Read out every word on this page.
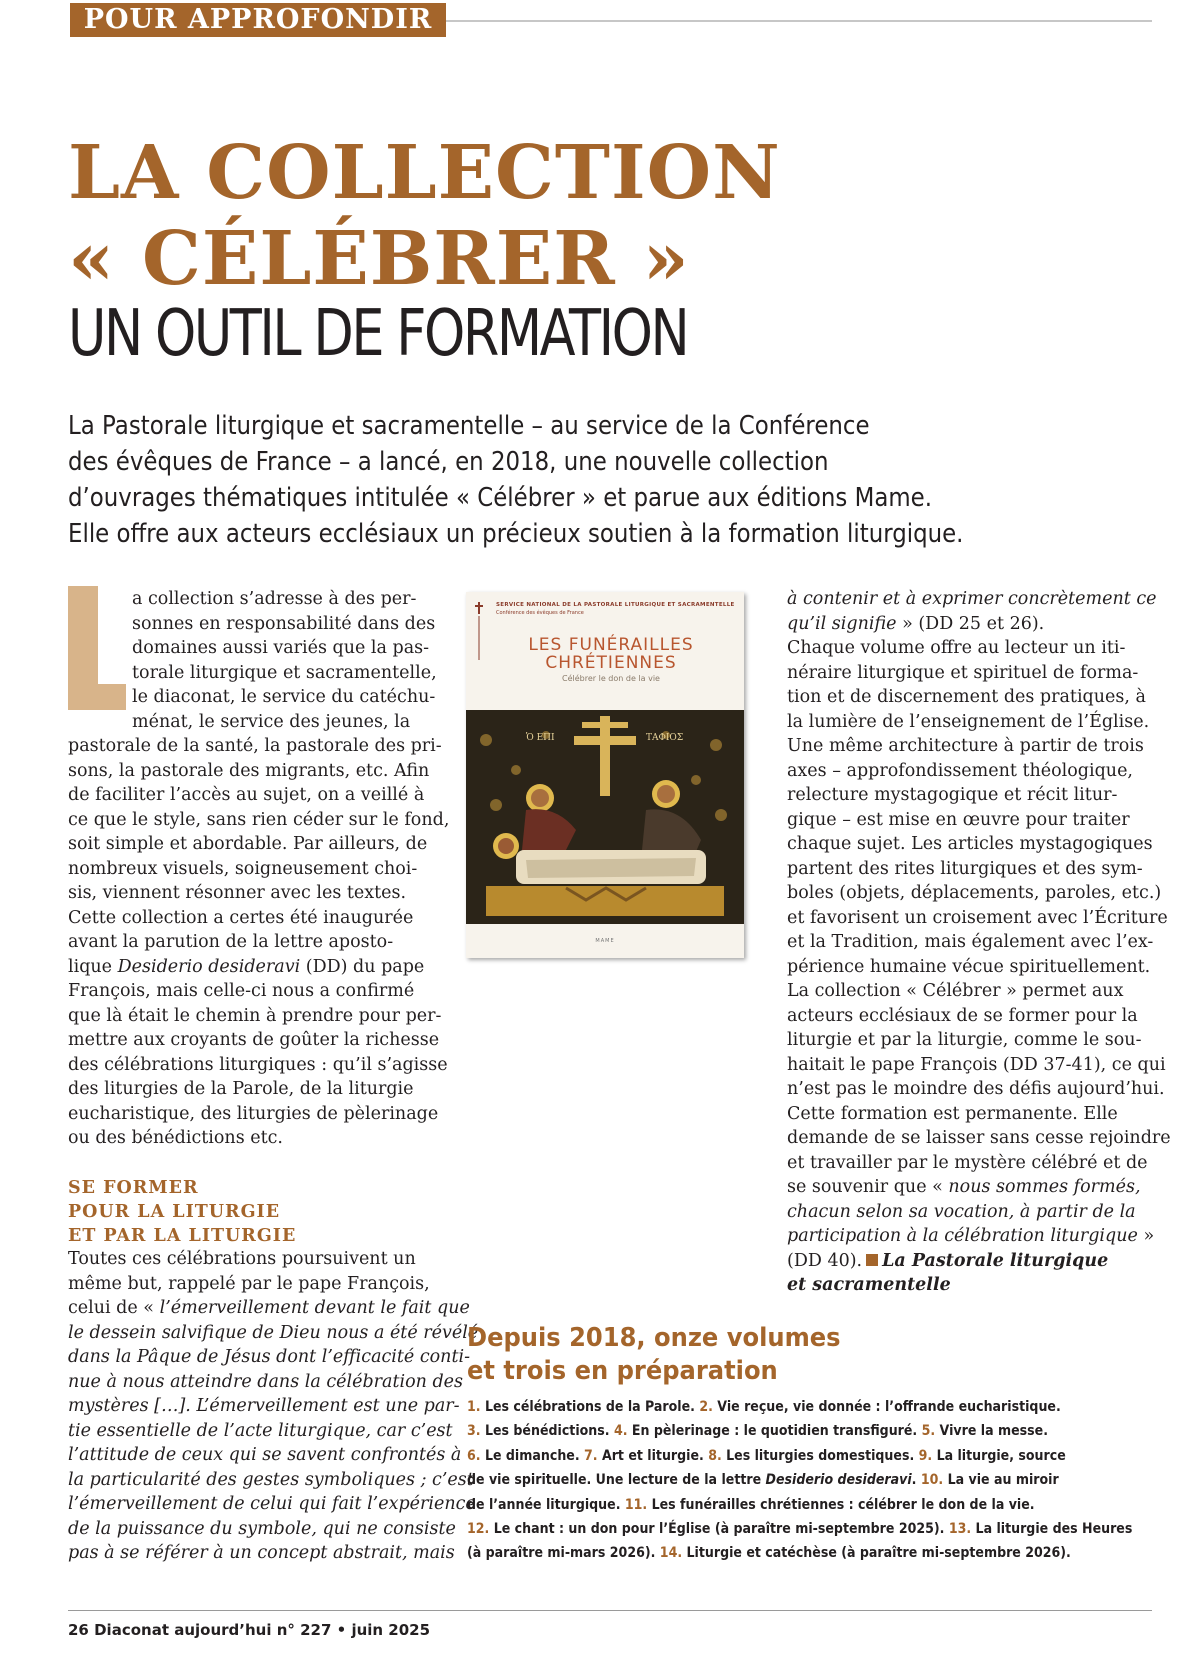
POUR APPROFONDIR
LA COLLECTION
« CÉLÉBRER »
UN OUTIL DE FORMATION
La Pastorale liturgique et sacramentelle – au service de la Conférence
des évêques de France – a lancé, en 2018, une nouvelle collection
d’ouvrages thématiques intitulée « Célébrer » et parue aux éditions Mame.
Elle offre aux acteurs ecclésiaux un précieux soutien à la formation liturgique.
a collection s’adresse à des per-
sonnes en responsabilité dans des
domaines aussi variés que la pas-
torale liturgique et sacramentelle,
le diaconat, le service du catéchu-
ménat, le service des jeunes, la
pastorale de la santé, la pastorale des pri-
sons, la pastorale des migrants, etc. Afin
de faciliter l’accès au sujet, on a veillé à
ce que le style, sans rien céder sur le fond,
soit simple et abordable. Par ailleurs, de
nombreux visuels, soigneusement choi-
sis, viennent résonner avec les textes.
Cette collection a certes été inaugurée
avant la parution de la lettre aposto-
lique Desiderio desideravi (DD) du pape
François, mais celle-ci nous a confirmé
que là était le chemin à prendre pour per-
mettre aux croyants de goûter la richesse
des célébrations liturgiques : qu’il s’agisse
des liturgies de la Parole, de la liturgie
eucharistique, des liturgies de pèlerinage
ou des bénédictions etc.
SE FORMER
POUR LA LITURGIE
ET PAR LA LITURGIE
Toutes ces célébrations poursuivent un
même but, rappelé par le pape François,
celui de « l’émerveillement devant le fait que
le dessein salvifique de Dieu nous a été révélé
dans la Pâque de Jésus dont l’efficacité conti-
nue à nous atteindre dans la célébration des
mystères […]. L’émerveillement est une par-
tie essentielle de l’acte liturgique, car c’est
l’attitude de ceux qui se savent confrontés à
la particularité des gestes symboliques ; c’est
l’émerveillement de celui qui fait l’expérience
de la puissance du symbole, qui ne consiste
pas à se référer à un concept abstrait, mais
SERVICE NATIONAL DE LA PASTORALE LITURGIQUE ET SACRAMENTELLE
Conférence des évêques de France
LES FUNÉRAILLES CHRÉTIENNES
Célébrer le don de la vie
Ὁ ΕΠΙ	ΤΑΦΙΟΣ
MAME
à contenir et à exprimer concrètement ce
qu’il signifie » (DD 25 et 26).
Chaque volume offre au lecteur un iti-
néraire liturgique et spirituel de forma-
tion et de discernement des pratiques, à
la lumière de l’enseignement de l’Église.
Une même architecture à partir de trois
axes – approfondissement théologique,
relecture mystagogique et récit litur-
gique – est mise en œuvre pour traiter
chaque sujet. Les articles mystagogiques
partent des rites liturgiques et des sym-
boles (objets, déplacements, paroles, etc.)
et favorisent un croisement avec l’Écriture
et la Tradition, mais également avec l’ex-
périence humaine vécue spirituellement.
La collection « Célébrer » permet aux
acteurs ecclésiaux de se former pour la
liturgie et par la liturgie, comme le sou-
haitait le pape François (DD 37-41), ce qui
n’est pas le moindre des défis aujourd’hui.
Cette formation est permanente. Elle
demande de se laisser sans cesse rejoindre
et travailler par le mystère célébré et de
se souvenir que « nous sommes formés,
chacun selon sa vocation, à partir de la
participation à la célébration liturgique »
(DD 40). La Pastorale liturgique
et sacramentelle
Depuis 2018, onze volumes
et trois en préparation
1. Les célébrations de la Parole. 2. Vie reçue, vie donnée : l’offrande eucharistique.
3. Les bénédictions. 4. En pèlerinage : le quotidien transfiguré. 5. Vivre la messe.
6. Le dimanche. 7. Art et liturgie. 8. Les liturgies domestiques. 9. La liturgie, source
de vie spirituelle. Une lecture de la lettre Desiderio desideravi. 10. La vie au miroir
de l’année liturgique. 11. Les funérailles chrétiennes : célébrer le don de la vie.
12. Le chant : un don pour l’Église (à paraître mi-septembre 2025). 13. La liturgie des Heures
(à paraître mi-mars 2026). 14. Liturgie et catéchèse (à paraître mi-septembre 2026).
26 Diaconat aujourd’hui n° 227 • juin 2025
